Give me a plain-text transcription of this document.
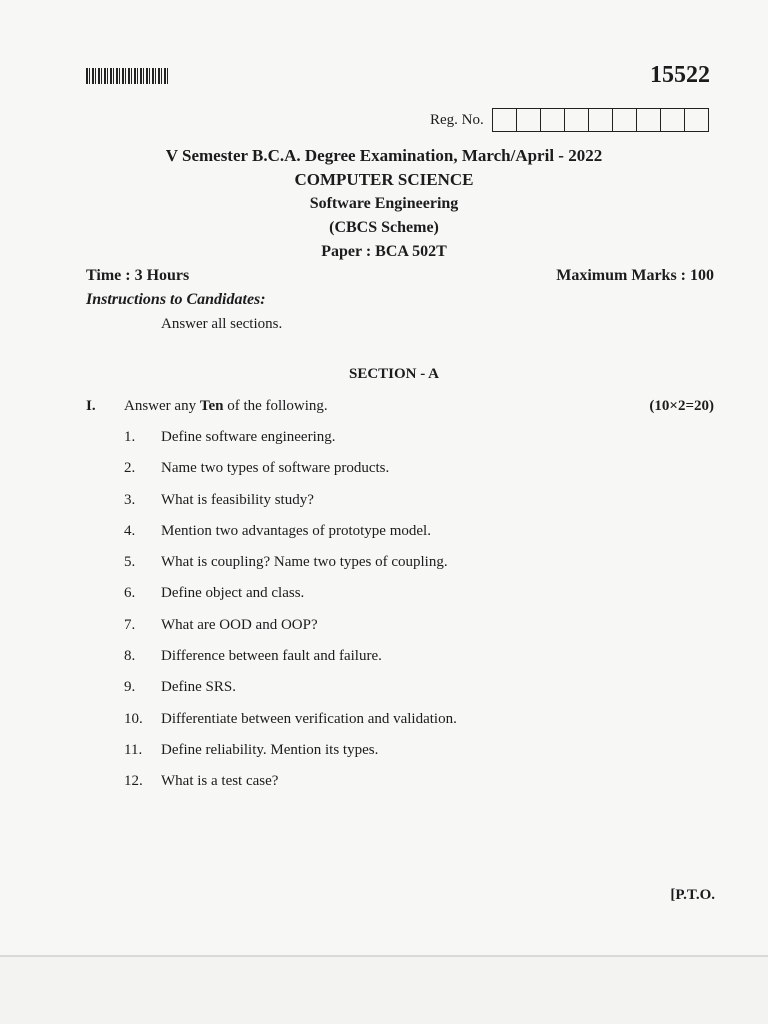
15522
Reg. No.
V Semester B.C.A. Degree Examination, March/April - 2022
COMPUTER SCIENCE
Software Engineering
(CBCS Scheme)
Paper : BCA 502T
Time : 3 Hours	Maximum Marks : 100
Instructions to Candidates:
Answer all sections.
SECTION - A
I. Answer any Ten of the following.	(10×2=20)
1.	Define software engineering.
2.	Name two types of software products.
3.	What is feasibility study?
4.	Mention two advantages of prototype model.
5.	What is coupling? Name two types of coupling.
6.	Define object and class.
7.	What are OOD and OOP?
8.	Difference between fault and failure.
9.	Define SRS.
10.	Differentiate between verification and validation.
11.	Define reliability. Mention its types.
12.	What is a test case?
[P.T.O.
